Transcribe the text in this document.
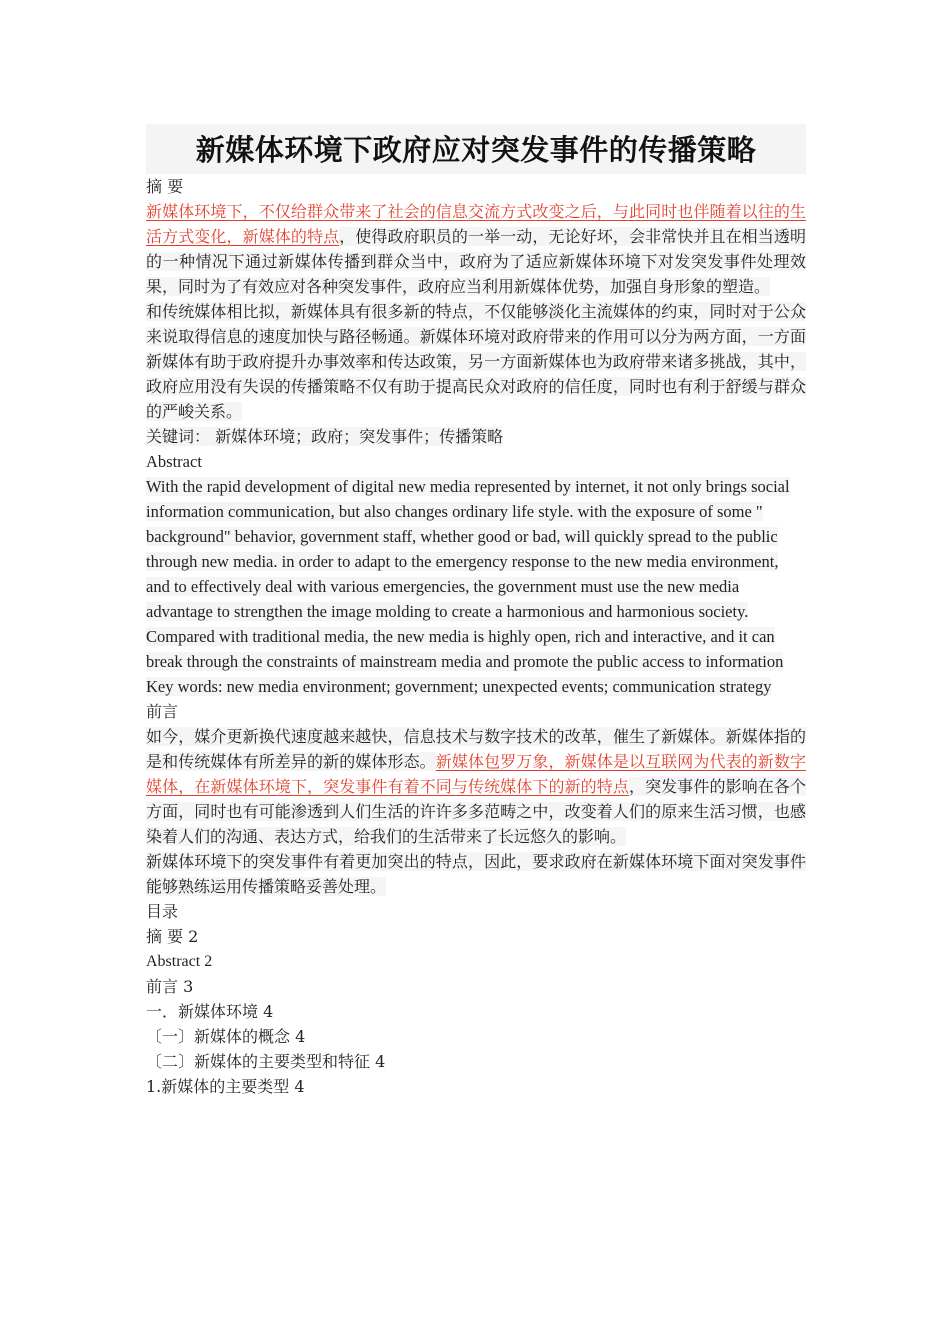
新媒体环境下政府应对突发事件的传播策略

摘 要

新媒体环境下，不仅给群众带来了社会的信息交流方式改变之后，与此同时也伴随着以往的生活方式变化，新媒体的特点，使得政府职员的一举一动，无论好坏，会非常快并且在相当透明的一种情况下通过新媒体传播到群众当中，政府为了适应新媒体环境下对发突发事件处理效果，同时为了有效应对各种突发事件，政府应当利用新媒体优势，加强自身形象的塑造。

和传统媒体相比拟，新媒体具有很多新的特点，不仅能够淡化主流媒体的约束，同时对于公众来说取得信息的速度加快与路径畅通。新媒体环境对政府带来的作用可以分为两方面，一方面新媒体有助于政府提升办事效率和传达政策，另一方面新媒体也为政府带来诸多挑战，其中，政府应用没有失误的传播策略不仅有助于提高民众对政府的信任度，同时也有利于舒缓与群众的严峻关系。

关键词： 新媒体环境；政府；突发事件；传播策略

Abstract

With the rapid development of digital new media represented by internet, it not only brings social information communication, but also changes ordinary life style. with the exposure of some " background" behavior, government staff, whether good or bad, will quickly spread to the public through new media. in order to adapt to the emergency response to the new media environment, and to effectively deal with various emergencies, the government must use the new media advantage to strengthen the image molding to create a harmonious and harmonious society.

Compared with traditional media, the new media is highly open, rich and interactive, and it can break through the constraints of mainstream media and promote the public access to information

Key words: new media environment; government; unexpected events; communication strategy

前言

如今，媒介更新换代速度越来越快，信息技术与数字技术的改革，催生了新媒体。新媒体指的是和传统媒体有所差异的新的媒体形态。新媒体包罗万象，新媒体是以互联网为代表的新数字媒体，在新媒体环境下，突发事件有着不同与传统媒体下的新的特点，突发事件的影响在各个方面，同时也有可能渗透到人们生活的许许多多范畴之中，改变着人们的原来生活习惯，也感染着人们的沟通、表达方式，给我们的生活带来了长远悠久的影响。

新媒体环境下的突发事件有着更加突出的特点，因此，要求政府在新媒体环境下面对突发事件能够熟练运用传播策略妥善处理。

目录

摘 要 2

Abstract 2

前言 3

一．新媒体环境 4

〔一〕新媒体的概念 4

〔二〕新媒体的主要类型和特征 4

1.新媒体的主要类型 4
